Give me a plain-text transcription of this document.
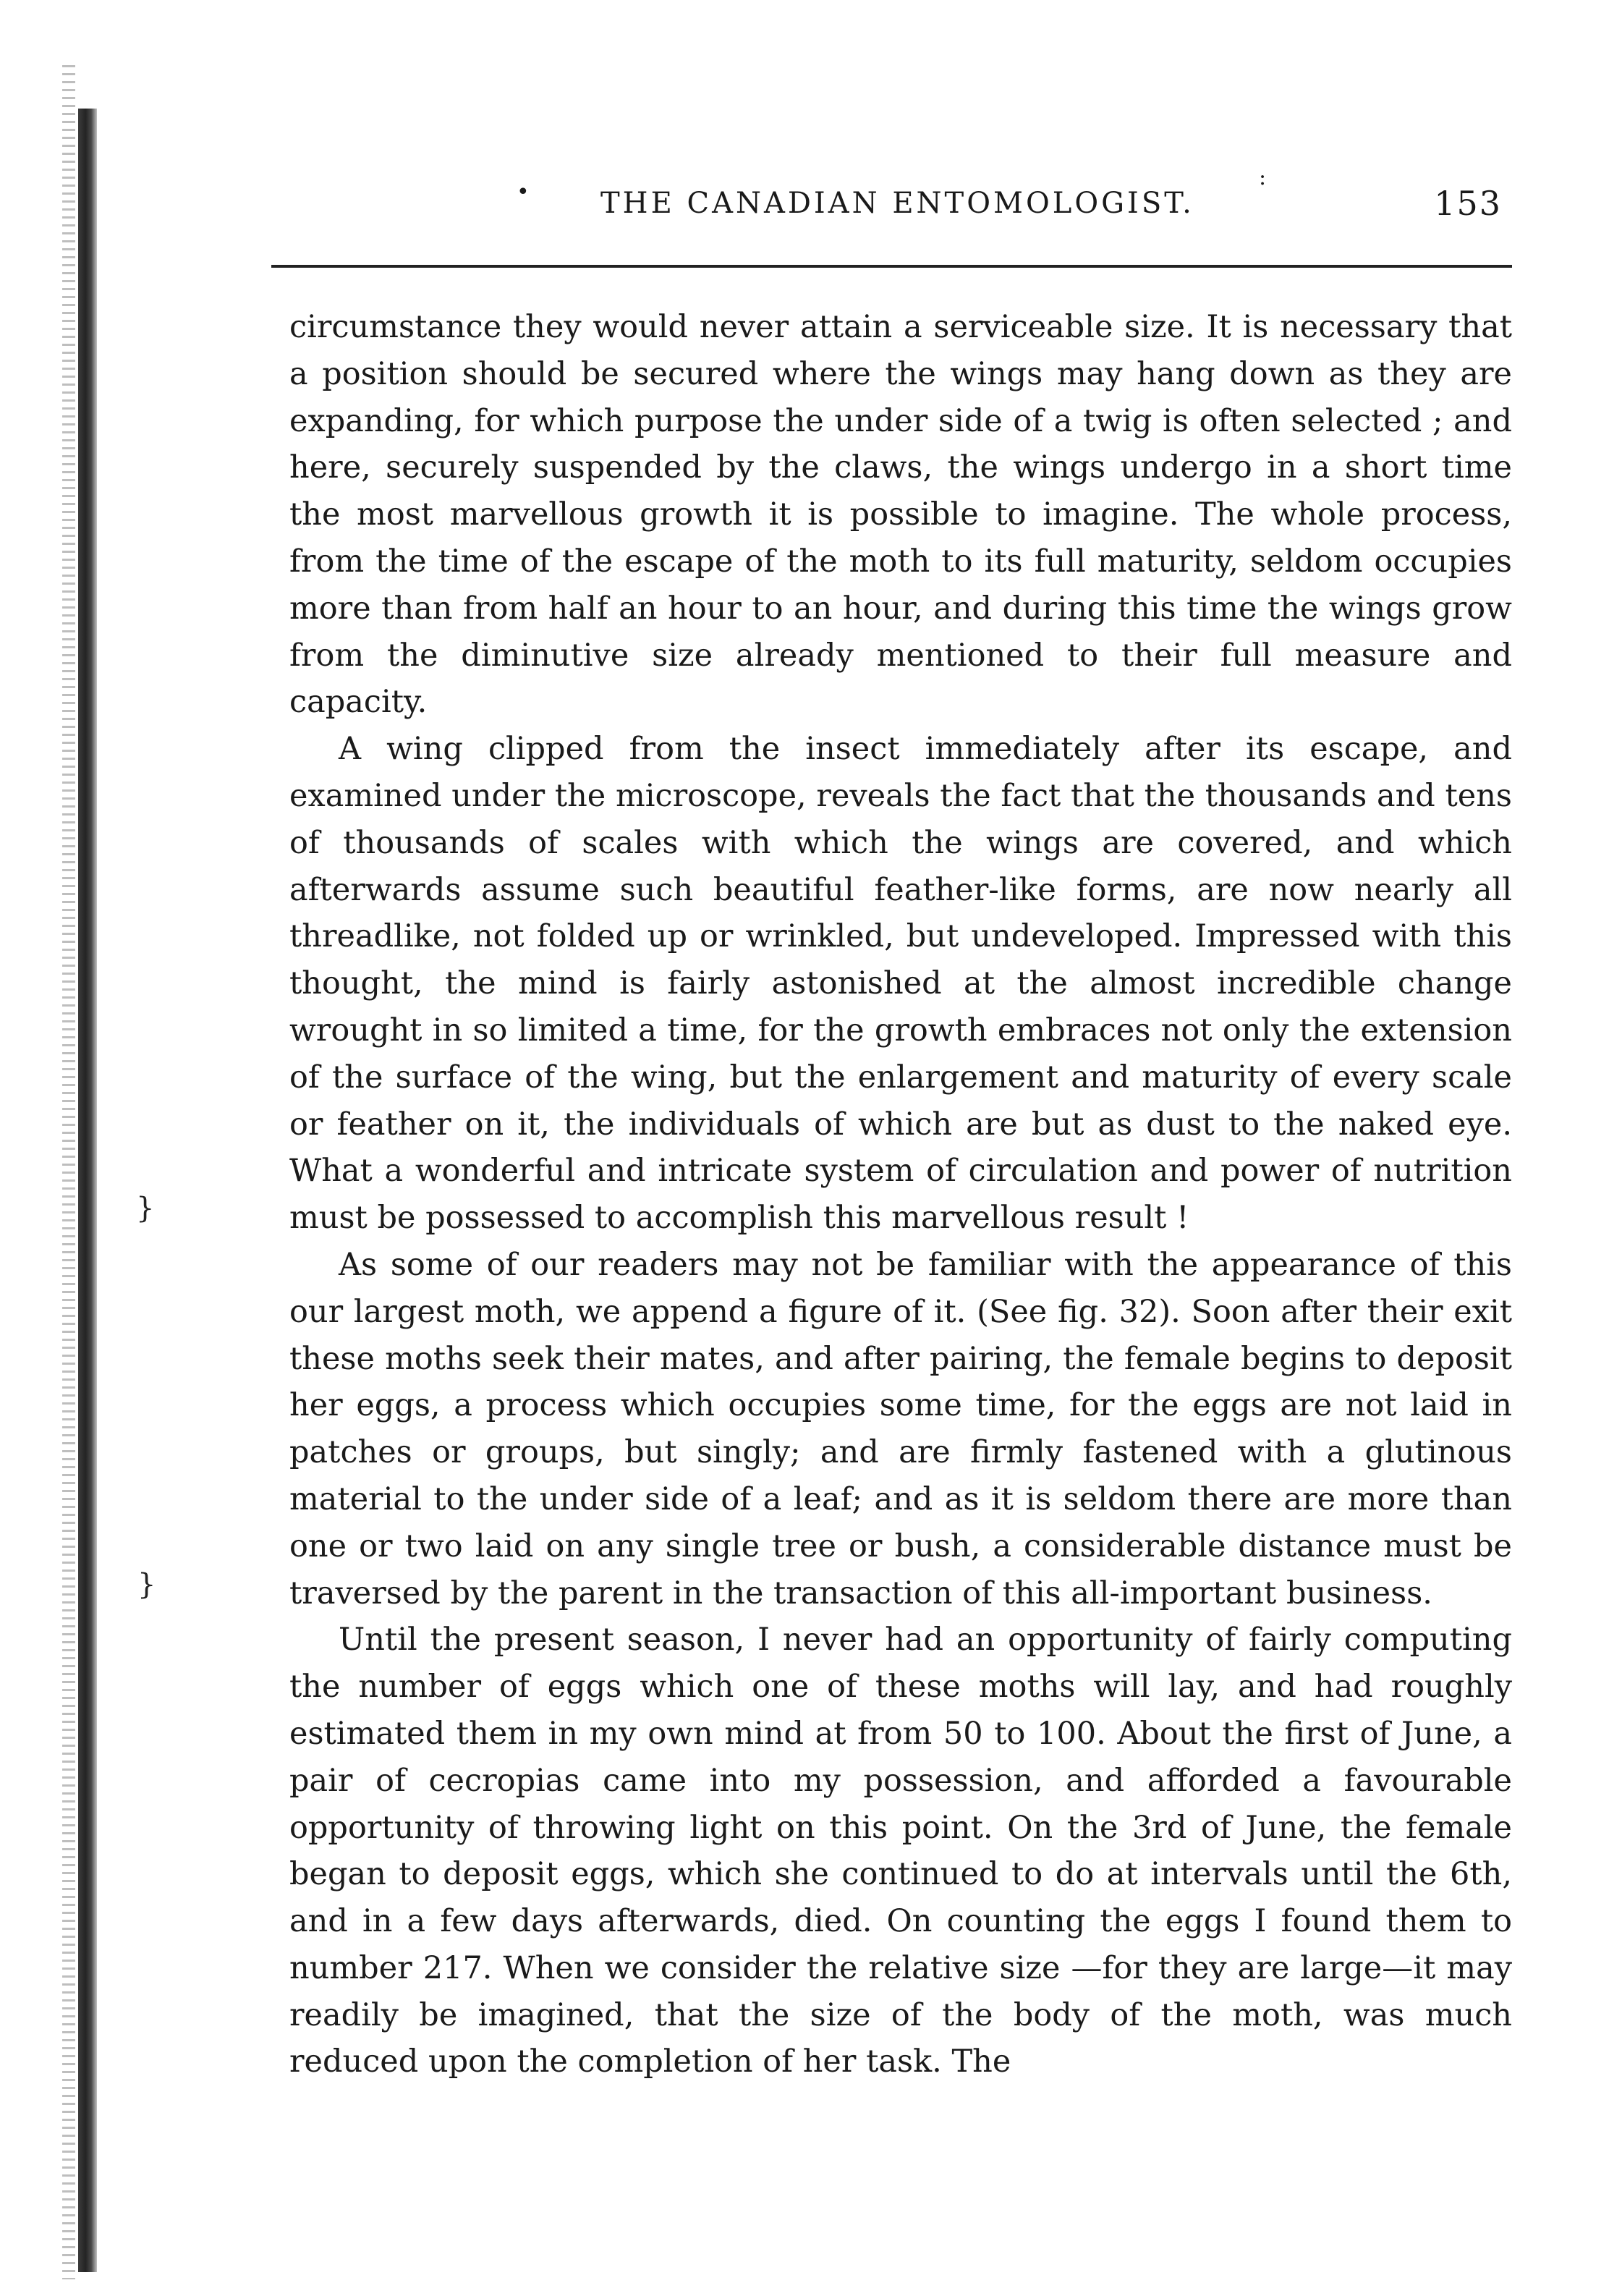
}
}
• THE CANADIAN ENTOMOLOGIST.
:
153

circumstance they would never attain a serviceable size. It is necessary that a position should be secured where the wings may hang down as they are expanding, for which purpose the under side of a twig is often selected ; and here, securely suspended by the claws, the wings undergo in a short time the most marvellous growth it is possible to imagine. The whole process, from the time of the escape of the moth to its full maturity, seldom occupies more than from half an hour to an hour, and during this time the wings grow from the diminutive size already mentioned to their full measure and capacity.

A wing clipped from the insect immediately after its escape, and examined under the microscope, reveals the fact that the thousands and tens of thousands of scales with which the wings are covered, and which afterwards assume such beautiful feather-like forms, are now nearly all threadlike, not folded up or wrinkled, but undeveloped. Impressed with this thought, the mind is fairly astonished at the almost incredible change wrought in so limited a time, for the growth embraces not only the extension of the surface of the wing, but the enlargement and maturity of every scale or feather on it, the individuals of which are but as dust to the naked eye. What a wonderful and intricate system of circulation and power of nutrition must be possessed to accomplish this marvellous result !

As some of our readers may not be familiar with the appearance of this our largest moth, we append a figure of it. (See fig. 32). Soon after their exit these moths seek their mates, and after pairing, the female begins to deposit her eggs, a process which occupies some time, for the eggs are not laid in patches or groups, but singly; and are firmly fastened with a glutinous material to the under side of a leaf; and as it is seldom there are more than one or two laid on any single tree or bush, a considerable distance must be traversed by the parent in the transaction of this all-important business.

Until the present season, I never had an opportunity of fairly computing the number of eggs which one of these moths will lay, and had roughly estimated them in my own mind at from 50 to 100. About the first of June, a pair of cecropias came into my possession, and afforded a favourable opportunity of throwing light on this point. On the 3rd of June, the female began to deposit eggs, which she continued to do at intervals until the 6th, and in a few days afterwards, died. On counting the eggs I found them to number 217. When we consider the relative size —for they are large—it may readily be imagined, that the size of the body of the moth, was much reduced upon the completion of her task. The
